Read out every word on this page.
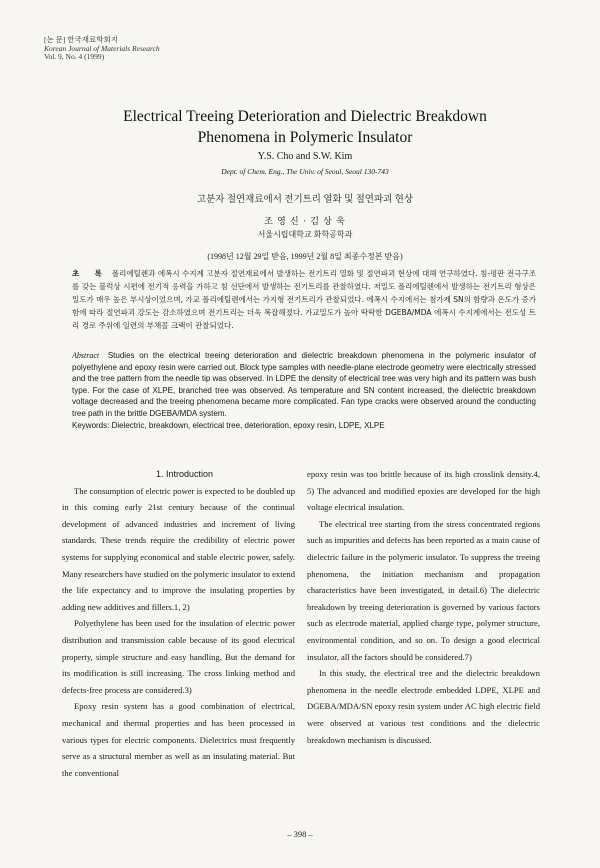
[논 문] 한국재료학회지
Korean Journal of Materials Research
Vol. 9, No. 4 (1999)
Electrical Treeing Deterioration and Dielectric Breakdown
Phenomena in Polymeric Insulator
Y.S. Cho and S.W. Kim
Dept. of Chem. Eng., The Univ. of Seoul, Seoul 130-743
고분자 절연재료에서 전기트리 열화 및 절연파괴 현상
조 영 신 · 김 상 욱
서울시립대학교 화학공학과
(1998년 12월 29일 받음, 1999년 2월 8일 최종수정본 받음)
초　　록 폴리에틸렌과 에폭시 수지계 고분자 절연재료에서 발생하는 전기트리 열화 및 절연파괴 현상에 대해 연구하였다. 침-평판 전극구조를 갖는 블럭상 시편에 전기적 응력을 가하고 침 선단에서 발생하는 전기트리를 관찰하였다. 저밀도 폴리에틸렌에서 발생하는 전기트리 형상은 밀도가 매우 높은 부시상이었으며, 가교 폴리에틸렌에서는 가지형 전기트리가 관찰되었다. 에폭시 수지에서는 첨가제 SN의 함량과 온도가 증가함에 따라 절연파괴 강도는 감소하였으며 전기트리는 더욱 복잡해졌다. 가교밀도가 높아 딱딱한 DGEBA/MDA 에폭시 수지계에서는 전도성 트리 경로 주위에 일련의 부채꼴 크랙이 관찰되었다.
Abstract Studies on the electrical treeing deterioration and dielectric breakdown phenomena in the polymeric insulator of polyethylene and epoxy resin were carried out. Block type samples with needle-plane electrode geometry were electrically stressed and the tree pattern from the needle tip was observed. In LDPE the density of electrical tree was very high and its pattern was bush type. For the case of XLPE, branched tree was observed. As temperature and SN content increased, the dielectric breakdown voltage decreased and the treeing phenomena became more complicated. Fan type cracks were observed around the conducting tree path in the brittle DGEBA/MDA system.
Keywords: Dielectric, breakdown, electrical tree, deterioration, epoxy resin, LDPE, XLPE

1. Introduction

The consumption of electric power is expected to be doubled up in this coming early 21st century because of the continual development of advanced industries and increment of living standards. These trends require the credibility of electric power systems for supplying economical and stable electric power, safely. Many researchers have studied on the polymeric insulator to extend the life expectancy and to improve the insulating properties by adding new additives and fillers.1, 2)

Polyethylene has been used for the insulation of electric power distribution and transmission cable because of its good electrical property, simple structure and easy handling. But the demand for its modification is still increasing. The cross linking method and defects-free process are considered.3)

Epoxy resin system has a good combination of electrical, mechanical and thermal properties and has been processed in various types for electric components. Dielectrics must frequently serve as a structural member as well as an insulating material. But the conventional

epoxy resin was too brittle because of its high crosslink density.4, 5) The advanced and modified epoxies are developed for the high voltage electrical insulation.

The electrical tree starting from the stress concentrated regions such as impurities and defects has been reported as a main cause of dielectric failure in the polymeric insulator. To suppress the treeing phenomena, the initiation mechanism and propagation characteristics have been investigated, in detail.6) The dielectric breakdown by treeing deterioration is governed by various factors such as electrode material, applied charge type, polymer structure, environmental condition, and so on. To design a good electrical insulator, all the factors should be considered.7)

In this study, the electrical tree and the dielectric breakdown phenomena in the needle electrode embedded LDPE, XLPE and DGEBA/MDA/SN epoxy resin system under AC high electric field were observed at various test conditions and the dielectric breakdown mechanism is discussed.

– 398 –
